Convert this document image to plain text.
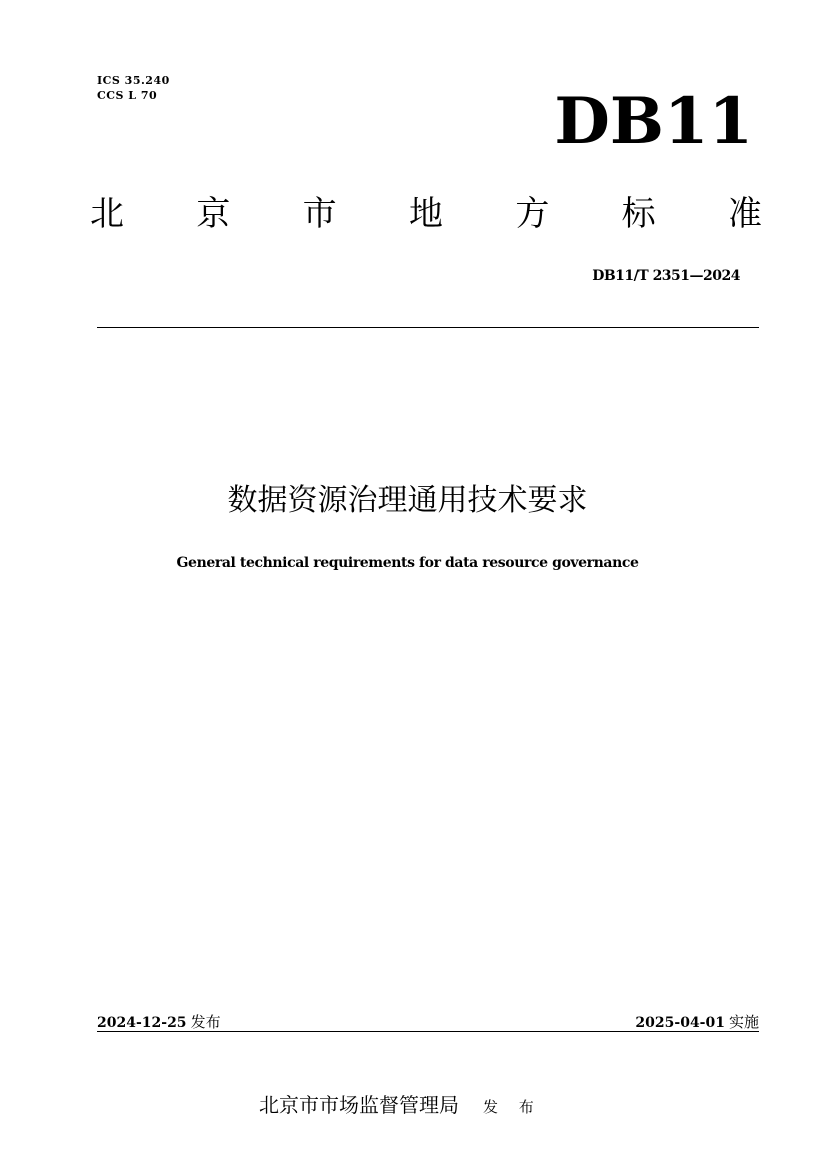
ICS 35.240
CCS L 70	DB11
北 京 市 地 方 标 准
DB11/T 2351—2024
数据资源治理通用技术要求
General technical requirements for data resource governance
2024-12-25 发布	2025-04-01 实施
北京市市场监督管理局 发 布
